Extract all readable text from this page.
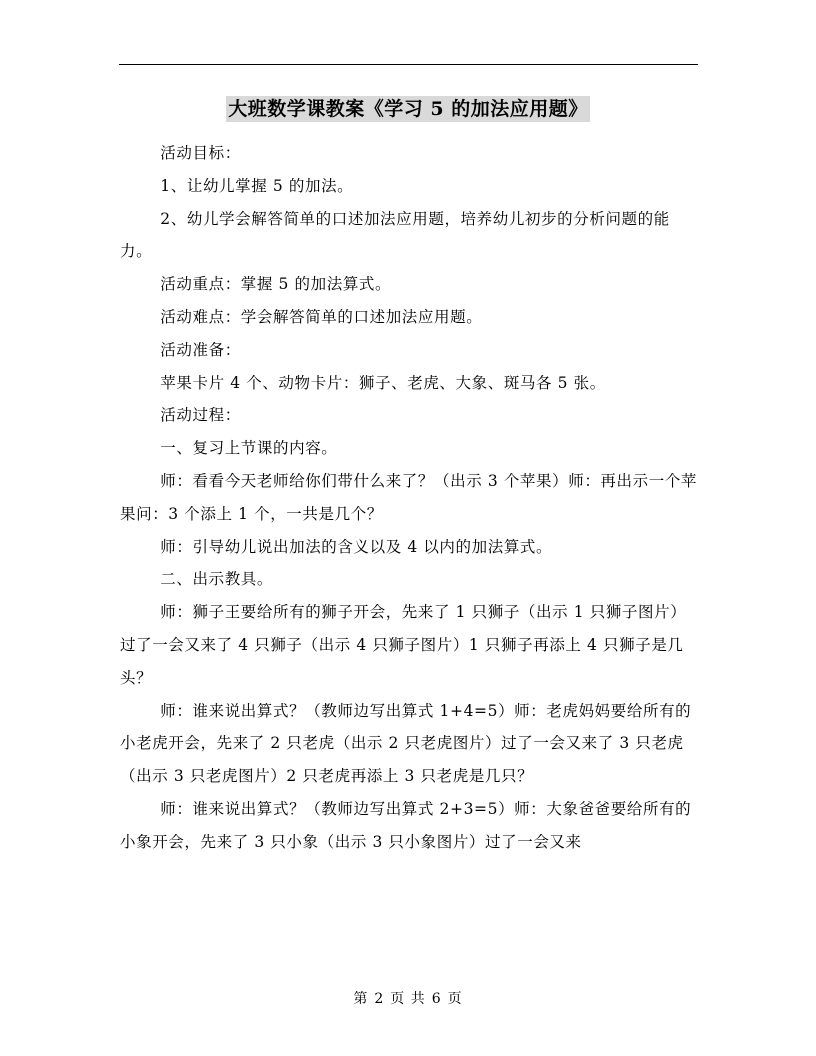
大班数学课教案《学习 5 的加法应用题》

活动目标：

1、让幼儿掌握 5 的加法。

2、幼儿学会解答简单的口述加法应用题，培养幼儿初步的分析问题的能力。

活动重点：掌握 5 的加法算式。

活动难点：学会解答简单的口述加法应用题。

活动准备：

苹果卡片 4 个、动物卡片：狮子、老虎、大象、斑马各 5 张。

活动过程：

一、复习上节课的内容。

师：看看今天老师给你们带什么来了？（出示 3 个苹果）师：再出示一个苹果问：3 个添上 1 个，一共是几个？

师：引导幼儿说出加法的含义以及 4 以内的加法算式。

二、出示教具。

师：狮子王要给所有的狮子开会，先来了 1 只狮子（出示 1 只狮子图片）过了一会又来了 4 只狮子（出示 4 只狮子图片）1 只狮子再添上 4 只狮子是几头？

师：谁来说出算式？（教师边写出算式 1+4=5）师：老虎妈妈要给所有的小老虎开会，先来了 2 只老虎（出示 2 只老虎图片）过了一会又来了 3 只老虎（出示 3 只老虎图片）2 只老虎再添上 3 只老虎是几只？

师：谁来说出算式？（教师边写出算式 2+3=5）师：大象爸爸要给所有的小象开会，先来了 3 只小象（出示 3 只小象图片）过了一会又来

第 2 页 共 6 页
